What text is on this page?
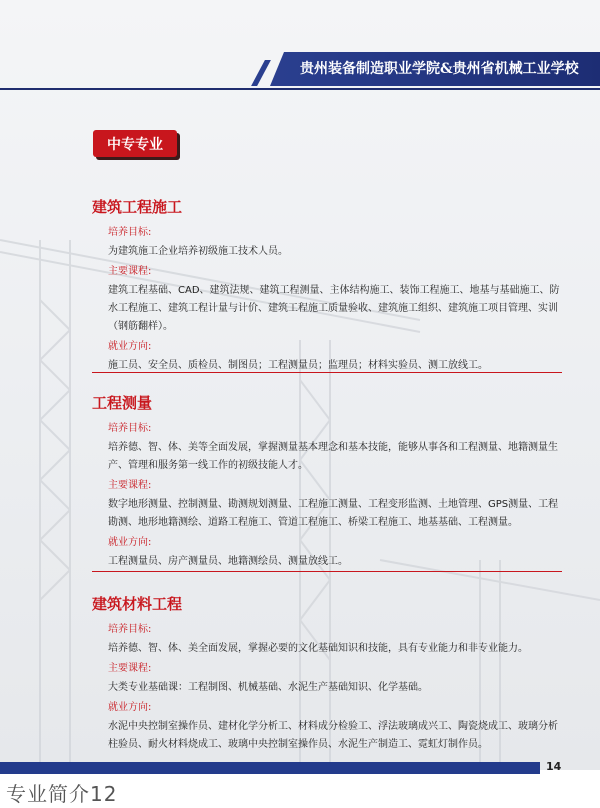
贵州装备制造职业学院&贵州省机械工业学校
中专专业
建筑工程施工
培养目标:
为建筑施工企业培养初级施工技术人员。
主要课程:
建筑工程基础、CAD、建筑法规、建筑工程测量、主体结构施工、装饰工程施工、地基与基础施工、防水工程施工、建筑工程计量与计价、建筑工程施工质量验收、建筑施工组织、建筑施工项目管理、实训（钢筋翻样）。
就业方向:
施工员、安全员、质检员、制图员；工程测量员；监理员；材料实验员、测工放线工。
工程测量
培养目标:
培养德、智、体、美等全面发展，掌握测量基本理念和基本技能，能够从事各和工程测量、地籍测量生产、管理和服务第一线工作的初级技能人才。
主要课程:
数字地形测量、控制测量、勘测规划测量、工程施工测量、工程变形监测、土地管理、GPS测量、工程勘测、地形地籍测绘、道路工程施工、管道工程施工、桥梁工程施工、地基基础、工程测量。
就业方向:
工程测量员、房产测量员、地籍测绘员、测量放线工。
建筑材料工程
培养目标:
培养德、智、体、美全面发展，掌握必要的文化基础知识和技能，具有专业能力和非专业能力。
主要课程:
大类专业基础课：工程制图、机械基础、水泥生产基础知识、化学基础。
就业方向:
水泥中央控制室操作员、建材化学分析工、材料成分检验工、浮法玻璃成兴工、陶瓷烧成工、玻璃分析柱验员、耐火材料烧成工、玻璃中央控制室操作员、水泥生产制造工、霓虹灯制作员。
14
专业简介12
